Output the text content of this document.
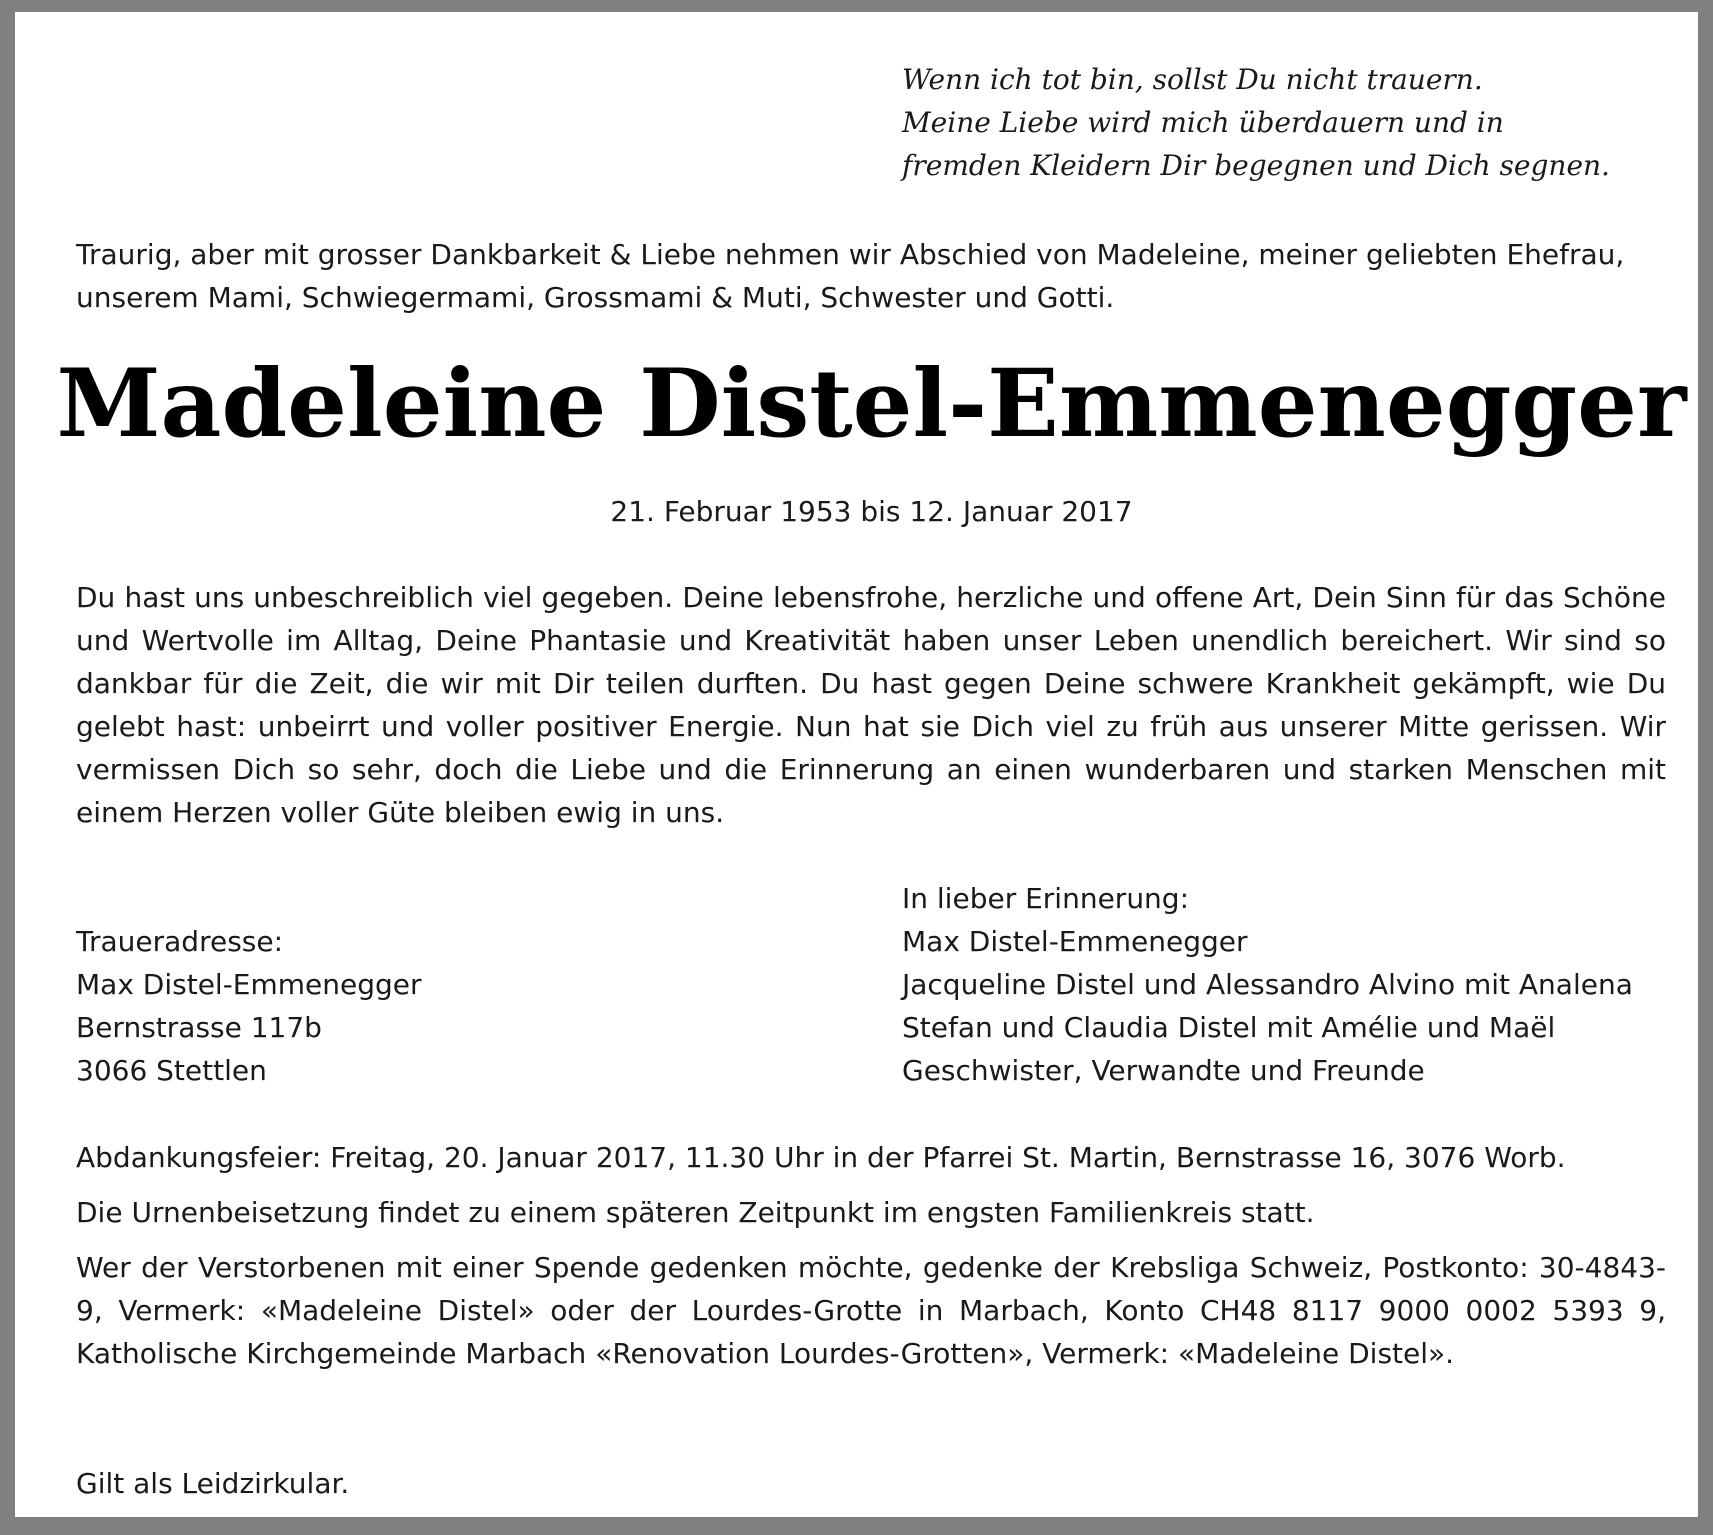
Wenn ich tot bin, sollst Du nicht trauern.
Meine Liebe wird mich überdauern und in
fremden Kleidern Dir begegnen und Dich segnen.

Traurig, aber mit grosser Dankbarkeit & Liebe nehmen wir Abschied von Madeleine, meiner geliebten Ehefrau, unserem Mami, Schwiegermami, Grossmami & Muti, Schwester und Gotti.

Madeleine Distel-Emmenegger

21. Februar 1953 bis 12. Januar 2017

Du hast uns unbeschreiblich viel gegeben. Deine lebensfrohe, herzliche und offene Art, Dein Sinn für das Schöne und Wertvolle im Alltag, Deine Phantasie und Kreativität haben unser Leben unendlich bereichert. Wir sind so dankbar für die Zeit, die wir mit Dir teilen durften. Du hast gegen Deine schwere Krankheit gekämpft, wie Du gelebt hast: unbeirrt und voller positiver Energie. Nun hat sie Dich viel zu früh aus unserer Mitte gerissen. Wir vermissen Dich so sehr, doch die Liebe und die Erinnerung an einen wunderbaren und starken Menschen mit einem Herzen voller Güte bleiben ewig in uns.

Traueradresse:
Max Distel-Emmenegger
Bernstrasse 117b
3066 Stettlen
In lieber Erinnerung:
Max Distel-Emmenegger
Jacqueline Distel und Alessandro Alvino mit Analena
Stefan und Claudia Distel mit Amélie und Maël
Geschwister, Verwandte und Freunde

Abdankungsfeier: Freitag, 20. Januar 2017, 11.30 Uhr in der Pfarrei St. Martin, Bernstrasse 16, 3076 Worb.

Die Urnenbeisetzung findet zu einem späteren Zeitpunkt im engsten Familienkreis statt.

Wer der Verstorbenen mit einer Spende gedenken möchte, gedenke der Krebsliga Schweiz, Postkonto: 30-4843-9, Vermerk: «Madeleine Distel» oder der Lourdes-Grotte in Marbach, Konto CH48 8117 9000 0002 5393 9, Katholische Kirchgemeinde Marbach «Renovation Lourdes-Grotten», Vermerk: «Madeleine Distel».

Gilt als Leidzirkular.
